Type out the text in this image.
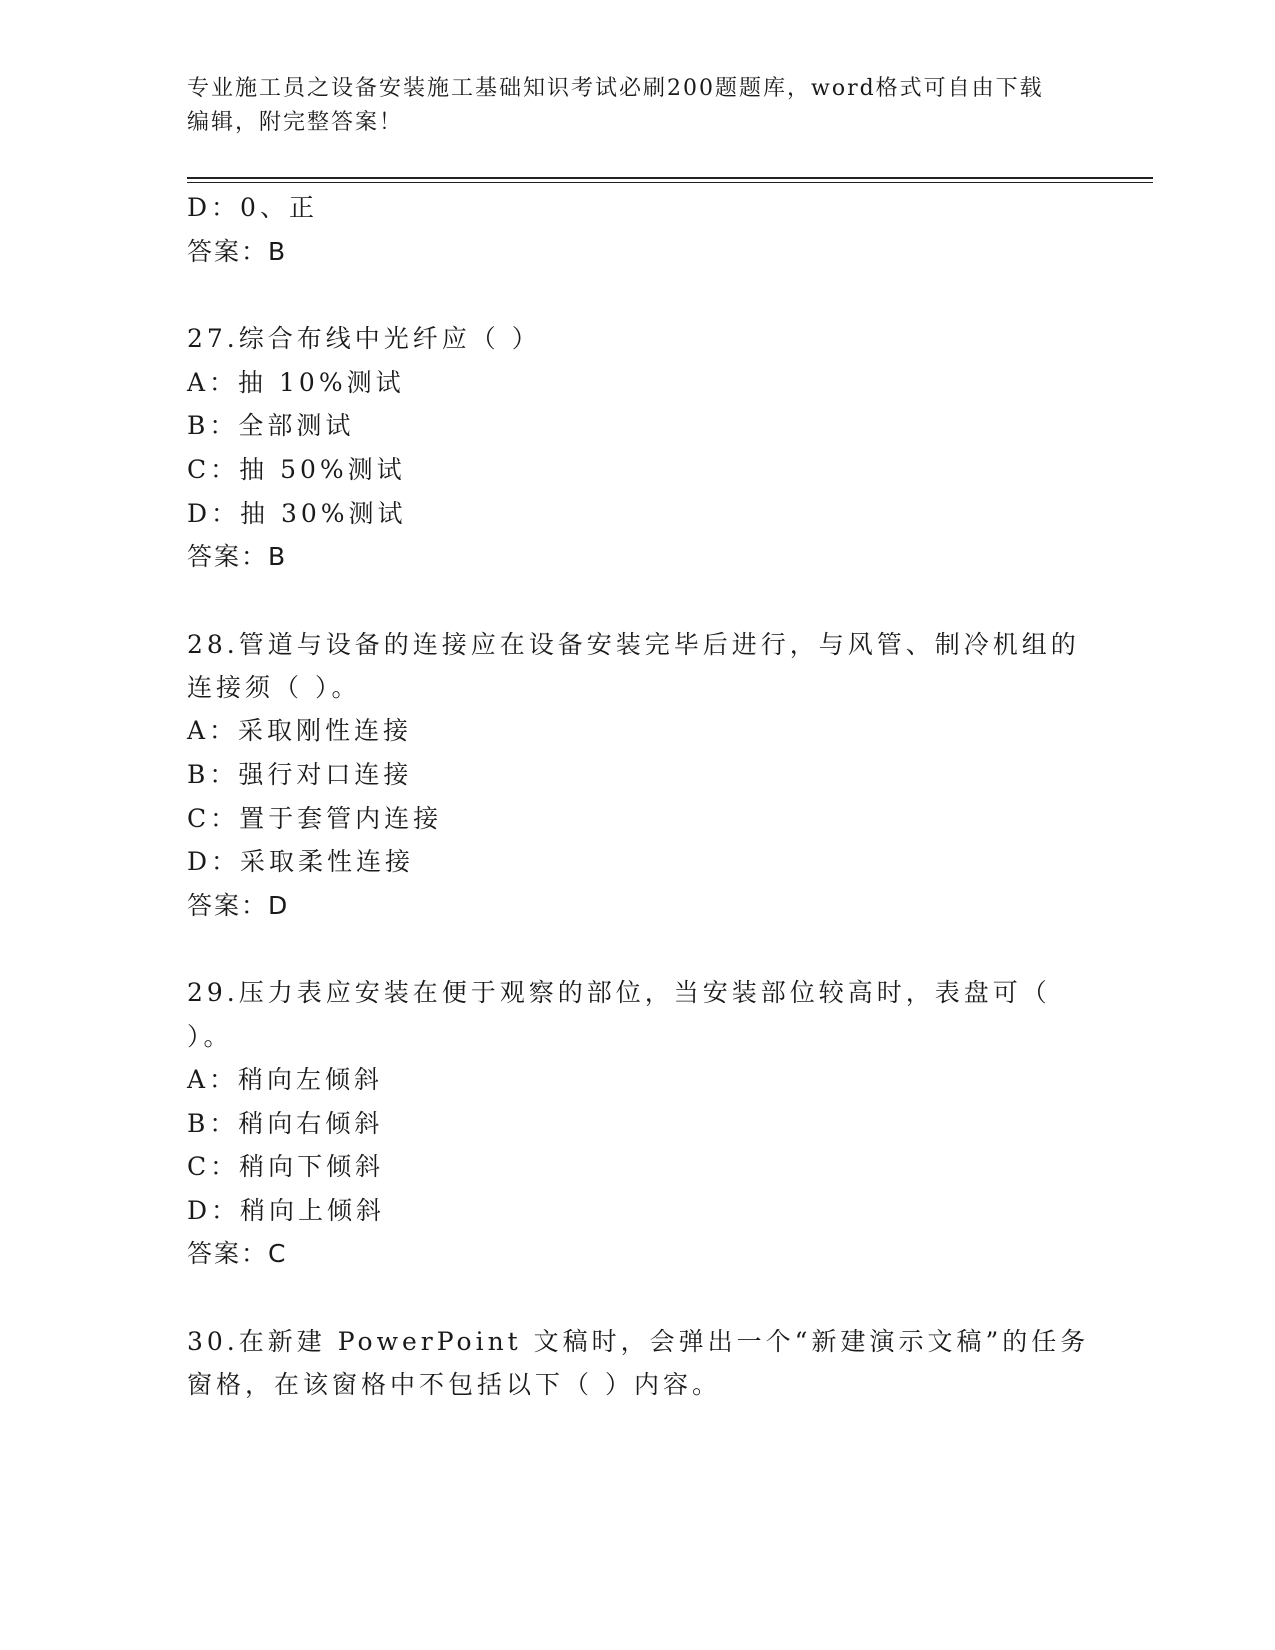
专业施工员之设备安装施工基础知识考试必刷200题题库，word格式可自由下载
编辑，附完整答案！
D：0、正
答案：B
27.综合布线中光纤应（ ）
A：抽 10%测试
B：全部测试
C：抽 50%测试
D：抽 30%测试
答案：B
28.管道与设备的连接应在设备安装完毕后进行，与风管、制冷机组的
连接须（ ）。
A：采取刚性连接
B：强行对口连接
C：置于套管内连接
D：采取柔性连接
答案：D
29.压力表应安装在便于观察的部位，当安装部位较高时，表盘可（
）。
A：稍向左倾斜
B：稍向右倾斜
C：稍向下倾斜
D：稍向上倾斜
答案：C
30.在新建 PowerPoint 文稿时，会弹出一个“新建演示文稿”的任务
窗格，在该窗格中不包括以下（ ）内容。
